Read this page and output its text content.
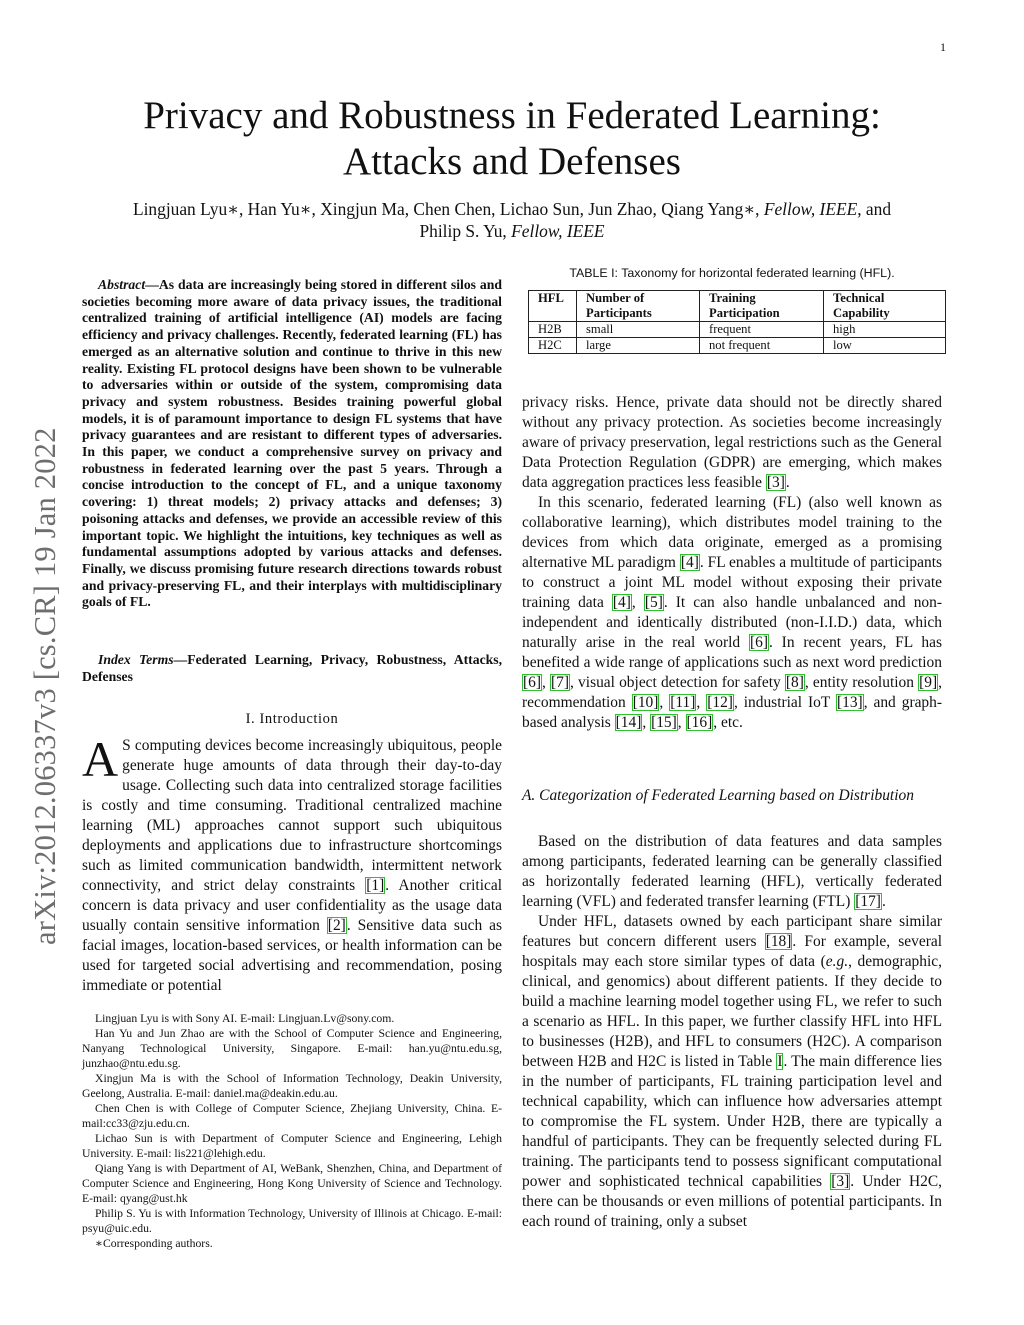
1
arXiv:2012.06337v3 [cs.CR] 19 Jan 2022
Privacy and Robustness in Federated Learning:
Attacks and Defenses
Lingjuan Lyu∗, Han Yu∗, Xingjun Ma, Chen Chen, Lichao Sun, Jun Zhao, Qiang Yang∗, Fellow, IEEE, and
Philip S. Yu, Fellow, IEEE
Abstract—As data are increasingly being stored in different silos and societies becoming more aware of data privacy issues, the traditional centralized training of artificial intelligence (AI) models are facing efficiency and privacy challenges. Recently, federated learning (FL) has emerged as an alternative solution and continue to thrive in this new reality. Existing FL protocol designs have been shown to be vulnerable to adversaries within or outside of the system, compromising data privacy and system robustness. Besides training powerful global models, it is of paramount importance to design FL systems that have privacy guarantees and are resistant to different types of adversaries. In this paper, we conduct a comprehensive survey on privacy and robustness in federated learning over the past 5 years. Through a concise introduction to the concept of FL, and a unique taxonomy covering: 1) threat models; 2) privacy attacks and defenses; 3) poisoning attacks and defenses, we provide an accessible review of this important topic. We highlight the intuitions, key techniques as well as fundamental assumptions adopted by various attacks and defenses. Finally, we discuss promising future research directions towards robust and privacy-preserving FL, and their interplays with multidisciplinary goals of FL.
Index Terms—Federated Learning, Privacy, Robustness, Attacks, Defenses
I. Introduction
A S computing devices become increasingly ubiquitous, people generate huge amounts of data through their day-to-day usage. Collecting such data into centralized storage facilities is costly and time consuming. Traditional centralized machine learning (ML) approaches cannot support such ubiquitous deployments and applications due to infrastructure shortcomings such as limited communication bandwidth, intermittent network connectivity, and strict delay constraints [1]. Another critical concern is data privacy and user confidentiality as the usage data usually contain sensitive information [2]. Sensitive data such as facial images, location-based services, or health information can be used for targeted social advertising and recommendation, posing immediate or potential

Lingjuan Lyu is with Sony AI. E-mail: Lingjuan.Lv@sony.com.

Han Yu and Jun Zhao are with the School of Computer Science and Engineering, Nanyang Technological University, Singapore. E-mail: han.yu@ntu.edu.sg, junzhao@ntu.edu.sg.

Xingjun Ma is with the School of Information Technology, Deakin University, Geelong, Australia. E-mail: daniel.ma@deakin.edu.au.

Chen Chen is with College of Computer Science, Zhejiang University, China. E-mail:cc33@zju.edu.cn.

Lichao Sun is with Department of Computer Science and Engineering, Lehigh University. E-mail: lis221@lehigh.edu.

Qiang Yang is with Department of AI, WeBank, Shenzhen, China, and Department of Computer Science and Engineering, Hong Kong University of Science and Technology. E-mail: qyang@ust.hk

Philip S. Yu is with Information Technology, University of Illinois at Chicago. E-mail: psyu@uic.edu.

∗Corresponding authors.

TABLE I: Taxonomy for horizontal federated learning (HFL).
HFL	Number of Participants	Training Participation	Technical Capability
H2B	small	frequent	high
H2C	large	not frequent	low

privacy risks. Hence, private data should not be directly shared without any privacy protection. As societies become increasingly aware of privacy preservation, legal restrictions such as the General Data Protection Regulation (GDPR) are emerging, which makes data aggregation practices less feasible [3].

In this scenario, federated learning (FL) (also well known as collaborative learning), which distributes model training to the devices from which data originate, emerged as a promising alternative ML paradigm [4]. FL enables a multitude of participants to construct a joint ML model without exposing their private training data [4], [5]. It can also handle unbalanced and non-independent and identically distributed (non-I.I.D.) data, which naturally arise in the real world [6]. In recent years, FL has benefited a wide range of applications such as next word prediction [6], [7], visual object detection for safety [8], entity resolution [9], recommendation [10], [11], [12], industrial IoT [13], and graph-based analysis [14], [15], [16], etc.

A. Categorization of Federated Learning based on Distribution

Based on the distribution of data features and data samples among participants, federated learning can be generally classified as horizontally federated learning (HFL), vertically federated learning (VFL) and federated transfer learning (FTL) [17].

Under HFL, datasets owned by each participant share similar features but concern different users [18]. For example, several hospitals may each store similar types of data (e.g., demographic, clinical, and genomics) about different patients. If they decide to build a machine learning model together using FL, we refer to such a scenario as HFL. In this paper, we further classify HFL into HFL to businesses (H2B), and HFL to consumers (H2C). A comparison between H2B and H2C is listed in Table I. The main difference lies in the number of participants, FL training participation level and technical capability, which can influence how adversaries attempt to compromise the FL system. Under H2B, there are typically a handful of participants. They can be frequently selected during FL training. The participants tend to possess significant computational power and sophisticated technical capabilities [3]. Under H2C, there can be thousands or even millions of potential participants. In each round of training, only a subset
